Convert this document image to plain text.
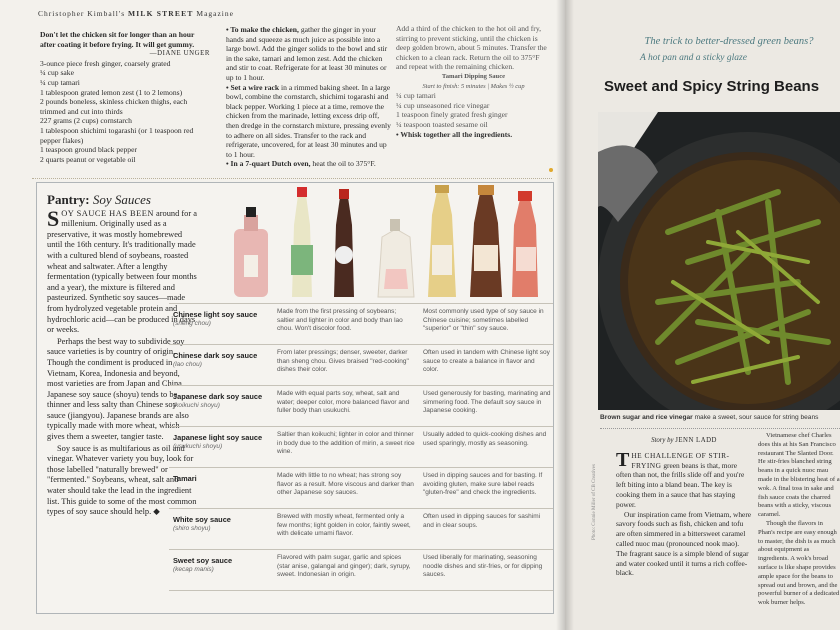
Christopher Kimball's MILK STREET Magazine

Don't let the chicken sit for longer than an hour after coating it before frying. It will get gummy.

—DIANE UNGER

3-ounce piece fresh ginger, coarsely grated

¼ cup sake

¼ cup tamari

1 tablespoon grated lemon zest (1 to 2 lemons)

2 pounds boneless, skinless chicken thighs, each trimmed and cut into thirds

227 grams (2 cups) cornstarch

1 tablespoon shichimi togarashi (or 1 teaspoon red pepper flakes)

1 teaspoon ground black pepper

2 quarts peanut or vegetable oil

• To make the chicken, gather the ginger in your hands and squeeze as much juice as possible into a large bowl. Add the ginger solids to the bowl and stir in the sake, tamari and lemon zest. Add the chicken and stir to coat. Refrigerate for at least 30 minutes or up to 1 hour.

• Set a wire rack in a rimmed baking sheet. In a large bowl, combine the cornstarch, shichimi togarashi and black pepper. Working 1 piece at a time, remove the chicken from the marinade, letting excess drip off, then dredge in the cornstarch mixture, pressing evenly to adhere on all sides. Transfer to the rack and refrigerate, uncovered, for at least 30 minutes and up to 1 hour.

• In a 7-quart Dutch oven, heat the oil to 375°F.

Add a third of the chicken to the hot oil and fry, stirring to prevent sticking, until the chicken is deep golden brown, about 5 minutes. Transfer the chicken to a clean rack. Return the oil to 375°F and repeat with the remaining chicken.

Tamari Dipping Sauce

Start to finish: 5 minutes | Makes ½ cup

¼ cup tamari

¼ cup unseasoned rice vinegar

1 teaspoon finely grated fresh ginger

¼ teaspoon toasted sesame oil

• Whisk together all the ingredients.

Pantry: Soy Sauces

SOY SAUCE HAS BEEN around for a millenium. Originally used as a preservative, it was mostly homebrewed until the 16th century. It's traditionally made with a cultured blend of soybeans, roasted wheat and saltwater. After a lengthy fermentation (typically between four months and a year), the mixture is filtered and pasteurized. Synthetic soy sauces—made from hydrolyzed vegetable protein and hydrochloric acid—can be produced in days or weeks.

Perhaps the best way to subdivide soy sauce varieties is by country of origin. Though the condiment is produced in Vietnam, Korea, Indonesia and beyond, most varieties are from Japan and China. Japanese soy sauce (shoyu) tends to be thinner and less salty than Chinese soy sauce (jiangyou). Japanese brands are also typically made with more wheat, which gives them a sweeter, tangier taste.

Soy sauce is as multifarious as oil and vinegar. Whatever variety you buy, look for those labelled "naturally brewed" or "fermented." Soybeans, wheat, salt and water should take the lead in the ingredient list. This guide to some of the most common types of soy sauce should help. ◆

Chinese light soy sauce
(sheng chou)
Made from the first pressing of soybeans; saltier and lighter in color and body than lao chou. Won't discolor food.
Most commonly used type of soy sauce in Chinese cuisine; sometimes labelled "superior" or "thin" soy sauce.
Chinese dark soy sauce
(lao chou)
From later pressings; denser, sweeter, darker than sheng chou. Gives braised "red-cooking" dishes their color.
Often used in tandem with Chinese light soy sauce to create a balance in flavor and color.
Japanese dark soy sauce
(koikuchi shoyu)
Made with equal parts soy, wheat, salt and water; deeper color, more balanced flavor and fuller body than usukuchi.
Used generously for basting, marinating and simmering food. The default soy sauce in Japanese cooking.
Japanese light soy sauce
(usukuchi shoyu)
Saltier than koikuchi; lighter in color and thinner in body due to the addition of mirin, a sweet rice wine.
Usually added to quick-cooking dishes and used sparingly, mostly as seasoning.
Tamari	Made with little to no wheat; has strong soy flavor as a result. More viscous and darker than other Japanese soy sauces.
Used in dipping sauces and for basting. If avoiding gluten, make sure label reads "gluten-free" and check the ingredients.
White soy sauce
(shiro shoyu)
Brewed with mostly wheat, fermented only a few months; light golden in color, faintly sweet, with delicate umami flavor.
Often used in dipping sauces for sashimi and in clear soups.
Sweet soy sauce
(kecap manis)
Flavored with palm sugar, garlic and spices (star anise, galangal and ginger); dark, syrupy, sweet. Indonesian in origin.
Used liberally for marinating, seasoning noodle dishes and stir-fries, or for dipping sauces.
The trick to better-dressed green beans?
A hot pan and a sticky glaze
Sweet and Spicy String Beans
Brown sugar and rice vinegar make a sweet, sour sauce for string beans
Story by JENN LADD

THE CHALLENGE OF STIR-FRYING green beans is that, more often than not, the frills slide off and you're left biting into a bland bean. The key is cooking them in a sauce that has staying power.

Our inspiration came from Vietnam, where savory foods such as fish, chicken and tofu are often simmered in a bittersweet caramel called nuoc mau (pronounced nook mao). The fragrant sauce is a simple blend of sugar and water cooked until it turns a rich coffee-black.

Vietnamese chef Charles does this at his San Francisco restaurant The Slanted Door. He stir-fries blanched string beans in a quick nuoc mau made in the blistering heat of a wok. A final toss in sake and fish sauce coats the charred beans with a sticky, viscous caramel.

Though the flavors in Phan's recipe are easy enough to master, the dish is as much about equipment as ingredients. A wok's broad surface is like shape provides ample space for the beans to spread out and brown, and the powerful burner of a dedicated wok burner helps.

Photo: Connie Miller of CB Creatives
